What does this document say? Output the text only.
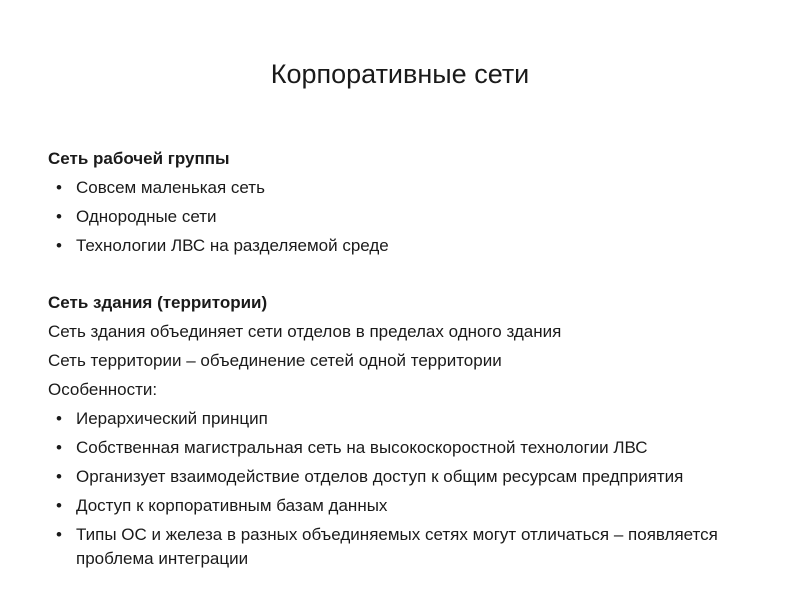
Корпоративные сети

Сеть рабочей группы

• Совсем маленькая сеть
• Однородные сети
• Технологии ЛВС на разделяемой среде

Сеть здания (территории)

Сеть здания объединяет сети отделов в пределах одного здания

Сеть территории – объединение сетей одной территории

Особенности:

• Иерархический принцип
• Собственная магистральная сеть на высокоскоростной технологии ЛВС
• Организует взаимодействие отделов доступ к общим ресурсам предприятия
• Доступ к корпоративным базам данных
• Типы ОС и железа в разных объединяемых сетях могут отличаться – появляется проблема интеграции
